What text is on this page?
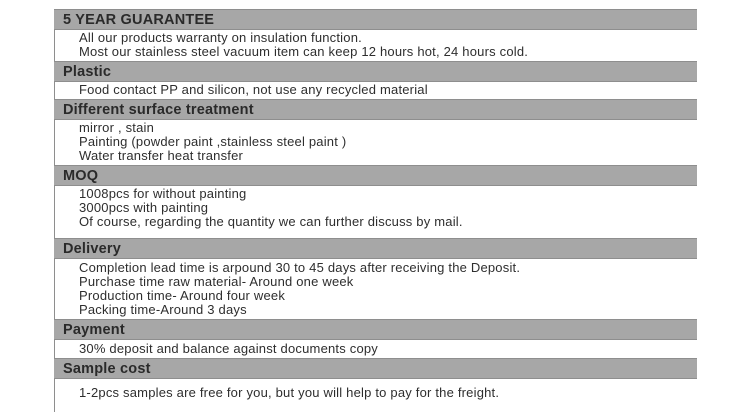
5 YEAR GUARANTEE
All our products warranty on insulation function.
Most our stainless steel vacuum item can keep 12 hours hot, 24 hours cold.
Plastic
Food contact PP and silicon, not use any recycled material
Different surface treatment
mirror , stain
Painting (powder paint ,stainless steel paint )
Water transfer heat transfer
MOQ
1008pcs for without painting
3000pcs with painting
Of course, regarding the quantity we can further discuss by mail.
Delivery
Completion lead time is arpound 30 to 45 days after receiving the Deposit.
Purchase time raw material- Around one week
Production time- Around four week
Packing time-Around 3 days
Payment
30% deposit and balance against documents copy
Sample cost
1-2pcs samples are free for you, but you will help to pay for the freight.
